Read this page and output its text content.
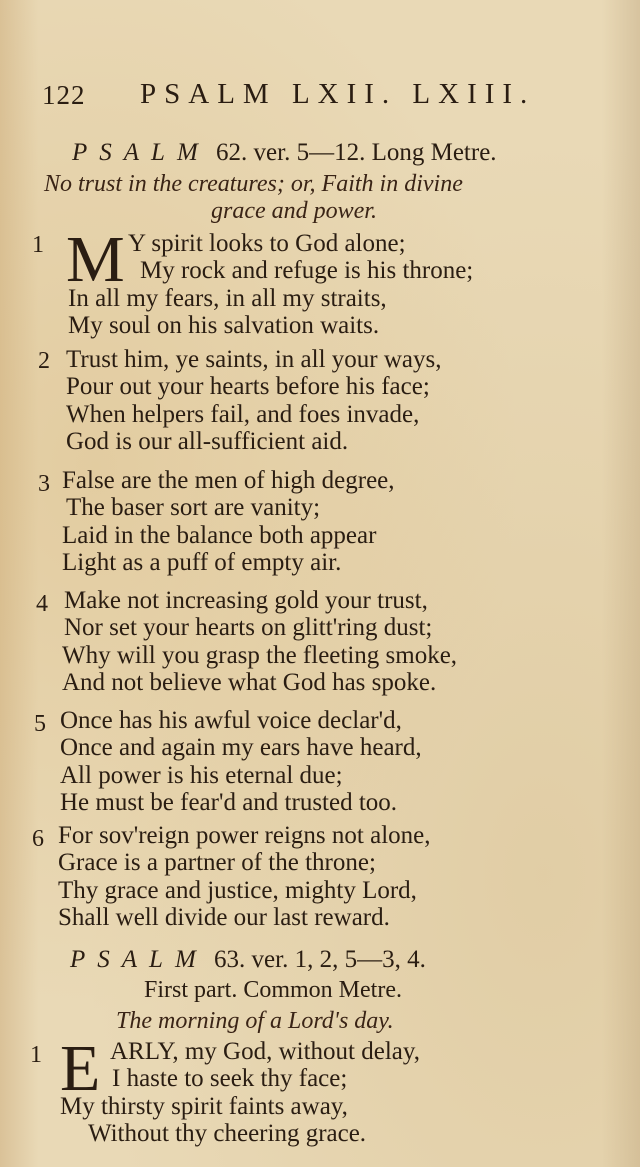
122 PSALM LXII. LXIII.
PSALM 62. ver. 5—12. Long Metre.
No trust in the creatures; or, Faith in divine
grace and power.
1 M Y spirit looks to God alone;
My rock and refuge is his throne;
In all my fears, in all my straits,
My soul on his salvation waits.
2 Trust him, ye saints, in all your ways,
Pour out your hearts before his face;
When helpers fail, and foes invade,
God is our all-sufficient aid.
3 False are the men of high degree,
The baser sort are vanity;
Laid in the balance both appear
Light as a puff of empty air.
4 Make not increasing gold your trust,
Nor set your hearts on glitt'ring dust;
Why will you grasp the fleeting smoke,
And not believe what God has spoke.
5 Once has his awful voice declar'd,
Once and again my ears have heard,
All power is his eternal due;
He must be fear'd and trusted too.
6 For sov'reign power reigns not alone,
Grace is a partner of the throne;
Thy grace and justice, mighty Lord,
Shall well divide our last reward.
PSALM 63. ver. 1, 2, 5—3, 4.
First part. Common Metre.
The morning of a Lord's day.
1 E ARLY, my God, without delay,
I haste to seek thy face;
My thirsty spirit faints away,
Without thy cheering grace.
